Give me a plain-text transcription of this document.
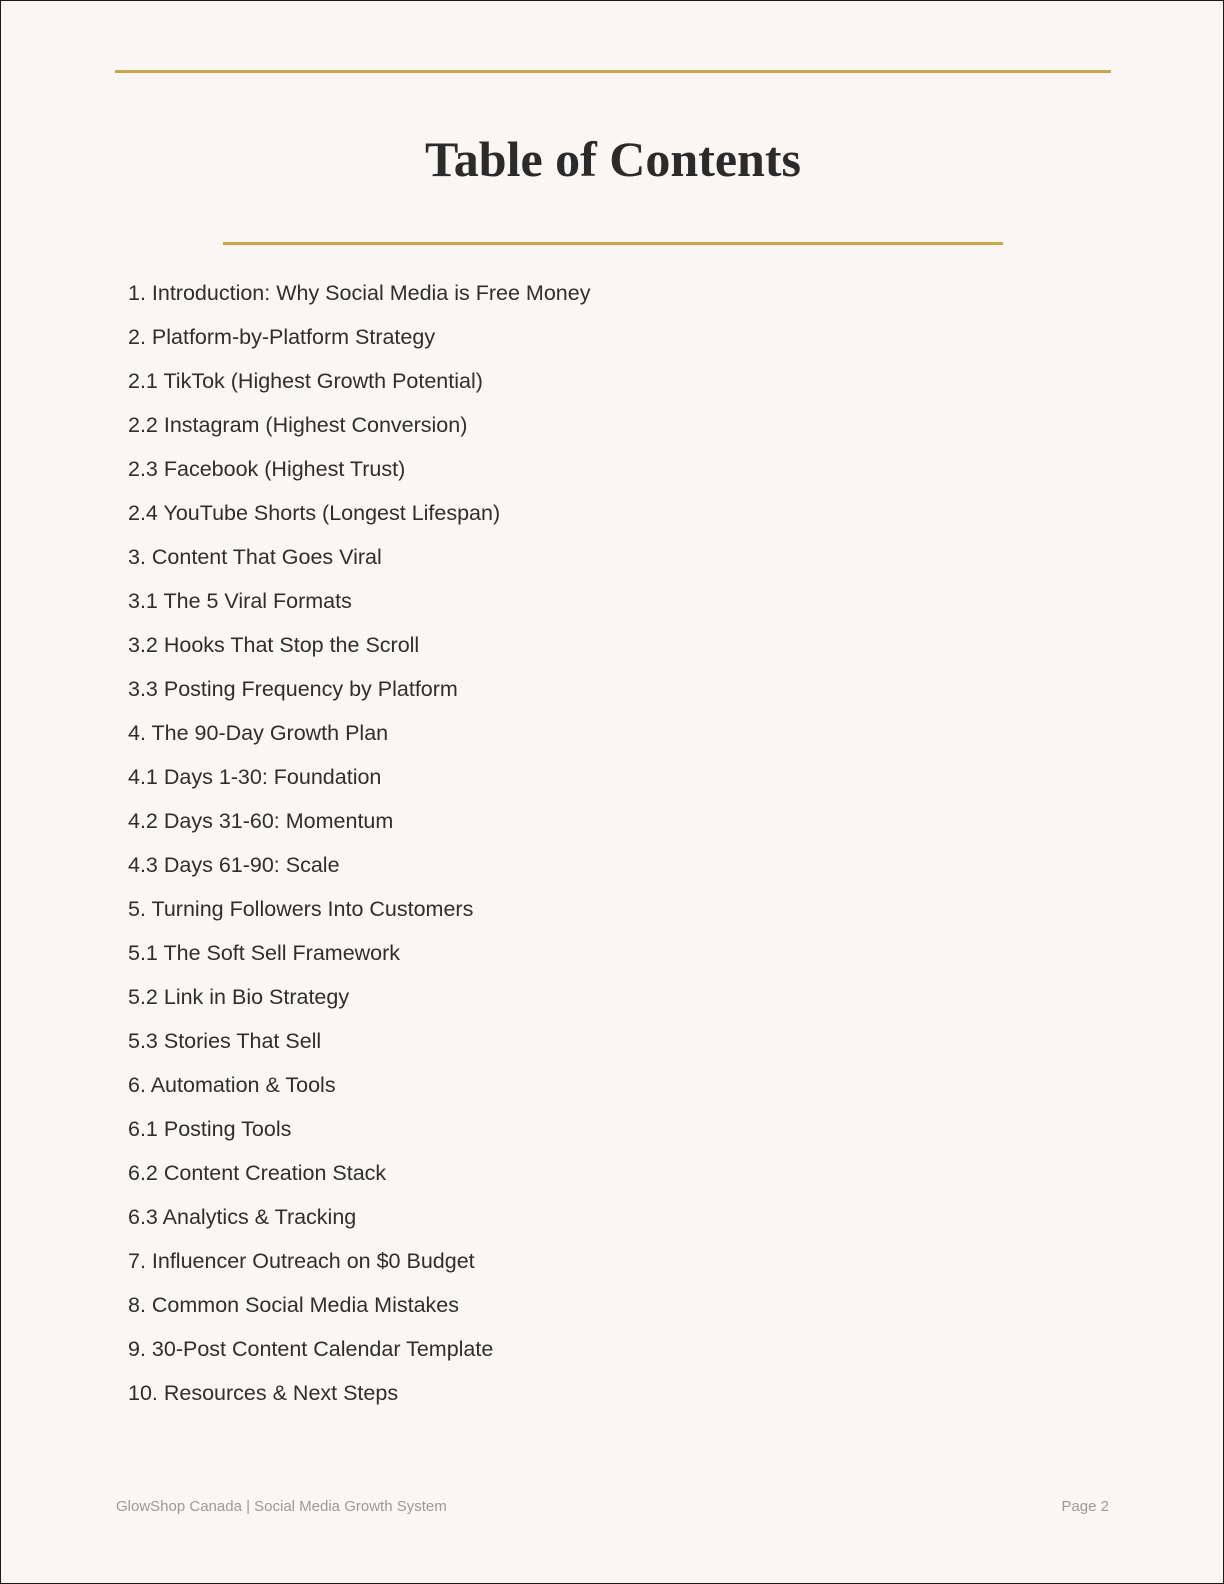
Table of Contents
1. Introduction: Why Social Media is Free Money
2. Platform-by-Platform Strategy
2.1 TikTok (Highest Growth Potential)
2.2 Instagram (Highest Conversion)
2.3 Facebook (Highest Trust)
2.4 YouTube Shorts (Longest Lifespan)
3. Content That Goes Viral
3.1 The 5 Viral Formats
3.2 Hooks That Stop the Scroll
3.3 Posting Frequency by Platform
4. The 90-Day Growth Plan
4.1 Days 1-30: Foundation
4.2 Days 31-60: Momentum
4.3 Days 61-90: Scale
5. Turning Followers Into Customers
5.1 The Soft Sell Framework
5.2 Link in Bio Strategy
5.3 Stories That Sell
6. Automation & Tools
6.1 Posting Tools
6.2 Content Creation Stack
6.3 Analytics & Tracking
7. Influencer Outreach on $0 Budget
8. Common Social Media Mistakes
9. 30-Post Content Calendar Template
10. Resources & Next Steps
GlowShop Canada | Social Media Growth System	Page 2
